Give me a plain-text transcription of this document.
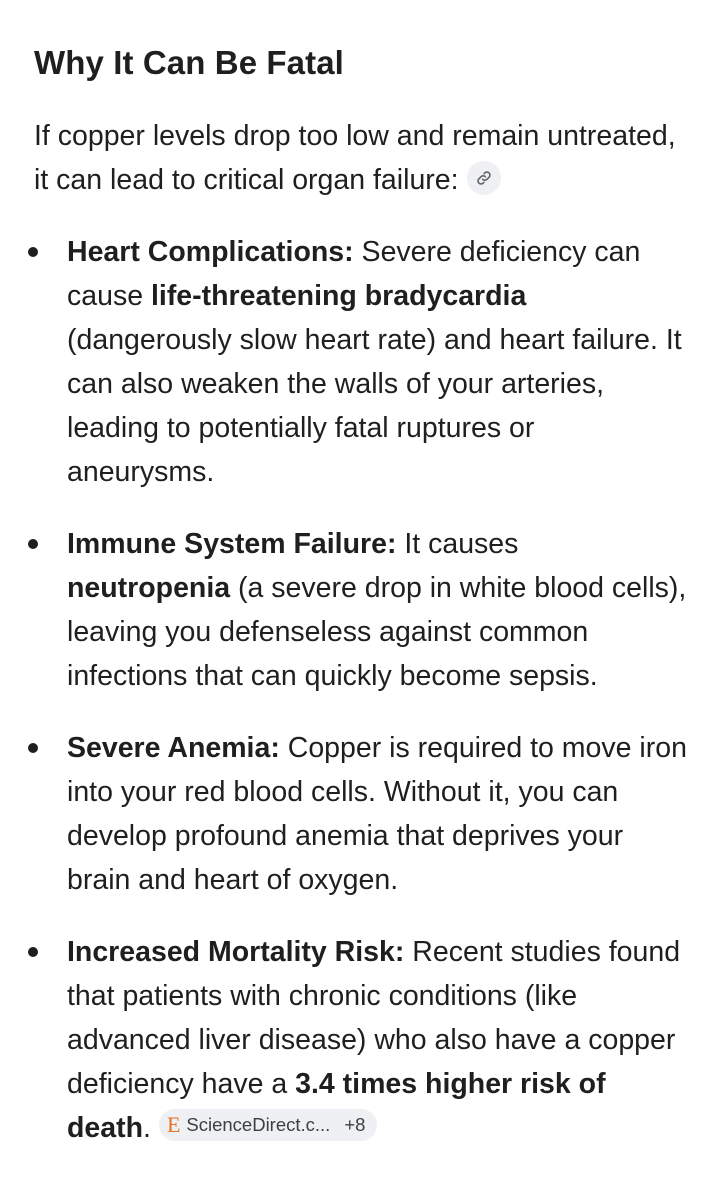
Why It Can Be Fatal

If copper levels drop too low and remain untreated, it can lead to critical organ failure:

Heart Complications: Severe deficiency can cause life-threatening bradycardia (dangerously slow heart rate) and heart failure. It can also weaken the walls of your arteries, leading to potentially fatal ruptures or aneurysms.
Immune System Failure: It causes neutropenia (a severe drop in white blood cells), leaving you defenseless against common infections that can quickly become sepsis.
Severe Anemia: Copper is required to move iron into your red blood cells. Without it, you can develop profound anemia that deprives your brain and heart of oxygen.
Increased Mortality Risk: Recent studies found that patients with chronic conditions (like advanced liver disease) who also have a copper deficiency have a 3.4 times higher risk of death. E ScienceDirect.c... +8
